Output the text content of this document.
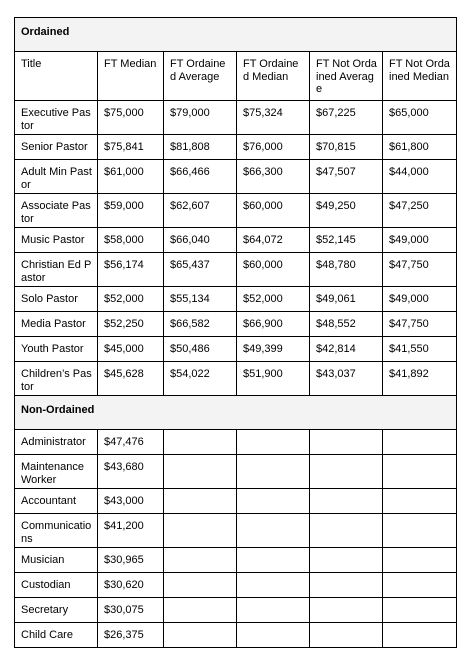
Ordained					
Title	FT Median	FT Ordained Average	FT Ordained Median	FT Not Ordained Average	FT Not Ordained Median
Executive Pastor	$75,000	$79,000	$75,324	$67,225	$65,000
Senior Pastor	$75,841	$81,808	$76,000	$70,815	$61,800
Adult Min Pastor	$61,000	$66,466	$66,300	$47,507	$44,000
Associate Pastor	$59,000	$62,607	$60,000	$49,250	$47,250
Music Pastor	$58,000	$66,040	$64,072	$52,145	$49,000
Christian Ed Pastor	$56,174	$65,437	$60,000	$48,780	$47,750
Solo Pastor	$52,000	$55,134	$52,000	$49,061	$49,000
Media Pastor	$52,250	$66,582	$66,900	$48,552	$47,750
Youth Pastor	$45,000	$50,486	$49,399	$42,814	$41,550
Children’s Pastor	$45,628	$54,022	$51,900	$43,037	$41,892
Non-Ordained					
Administrator	$47,476				
Maintenance Worker	$43,680				
Accountant	$43,000				
Communications	$41,200				
Musician	$30,965				
Custodian	$30,620				
Secretary	$30,075				
Child Care	$26,375				
